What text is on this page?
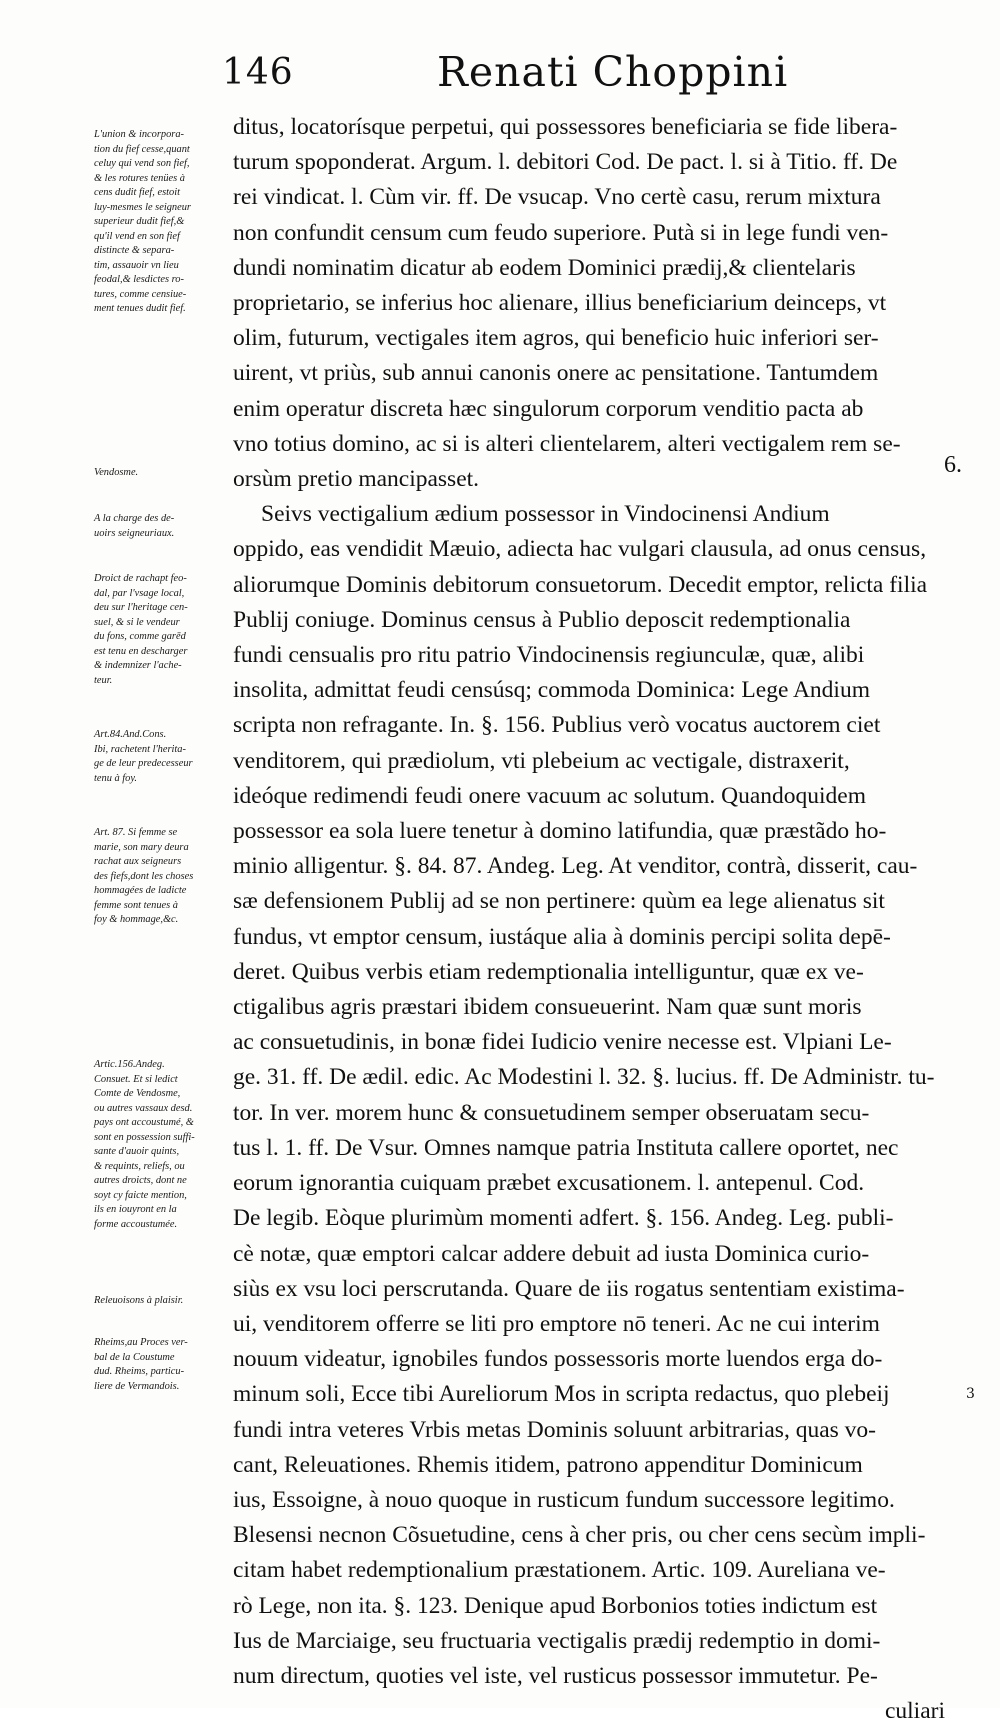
146	Renati Choppini
L'union & incorpora-
tion du fief cesse,quant
celuy qui vend son fief,
& les rotures tenües à
cens dudit fief, estoit
luy-mesmes le seigneur
superieur dudit fief,&
qu'il vend en son fief
distincte & separa-
tim, assauoir vn lieu
feodal,& lesdictes ro-
tures, comme censiue-
ment tenues dudit fief.
Vendosme.
A la charge des de-
uoirs seigneuriaux.
Droict de rachapt feo-
dal, par l'vsage local,
deu sur l'heritage cen-
suel, & si le vendeur
du fons, comme garēd
est tenu en descharger
& indemnizer l'ache-
teur.
Art.84.And.Cons.
Ibi, rachetent l'herita-
ge de leur predecesseur
tenu à foy.
Art. 87. Si femme se
marie, son mary deura
rachat aux seigneurs
des fiefs,dont les choses
hommagées de ladicte
femme sont tenues à
foy & hommage,&c.
Artic.156.Andeg.
Consuet. Et si ledict
Comte de Vendosme,
ou autres vassaux desd.
pays ont accoustumé, &
sont en possession suffi-
sante d'auoir quints,
& requints, reliefs, ou
autres droicts, dont ne
soyt cy faicte mention,
ils en iouyront en la
forme accoustumée.
Releuoisons à plaisir.
Rheims,au Proces ver-
bal de la Coustume
dud. Rheims, particu-
liere de Vermandois.
ditus, locatorísque perpetui, qui possessores beneficiaria se fide libera-
turum spoponderat. Argum. l. debitori Cod. De pact. l. si à Titio. ff. De
rei vindicat. l. Cùm vir. ff. De vsucap. Vno certè casu, rerum mixtura
non confundit censum cum feudo superiore. Putà si in lege fundi ven-
dundi nominatim dicatur ab eodem Dominici prædij,& clientelaris
proprietario, se inferius hoc alienare, illius beneficiarium deinceps, vt
olim, futurum, vectigales item agros, qui beneficio huic inferiori ser-
uirent, vt priùs, sub annui canonis onere ac pensitatione. Tantumdem
enim operatur discreta hæc singulorum corporum venditio pacta ab
vno totius domino, ac si is alteri clientelarem, alteri vectigalem rem se-
orsùm pretio mancipasset.
Seivs vectigalium ædium possessor in Vindocinensi Andium
oppido, eas vendidit Mæuio, adiecta hac vulgari clausula, ad onus census,
aliorumque Dominis debitorum consuetorum. Decedit emptor, relicta filia
Publij coniuge. Dominus census à Publio deposcit redemptionalia
fundi censualis pro ritu patrio Vindocinensis regiunculæ, quæ, alibi
insolita, admittat feudi censúsq; commoda Dominica: Lege Andium
scripta non refragante. In. §. 156. Publius verò vocatus auctorem ciet
venditorem, qui prædiolum, vti plebeium ac vectigale, distraxerit,
ideóque redimendi feudi onere vacuum ac solutum. Quandoquidem
possessor ea sola luere tenetur à domino latifundia, quæ præstãdo ho-
minio alligentur. §. 84. 87. Andeg. Leg. At venditor, contrà, disserit, cau-
sæ defensionem Publij ad se non pertinere: quùm ea lege alienatus sit
fundus, vt emptor censum, iustáque alia à dominis percipi solita depē-
deret. Quibus verbis etiam redemptionalia intelliguntur, quæ ex ve-
ctigalibus agris præstari ibidem consueuerint. Nam quæ sunt moris
ac consuetudinis, in bonæ fidei Iudicio venire necesse est. Vlpiani Le-
ge. 31. ff. De ædil. edic. Ac Modestini l. 32. §. lucius. ff. De Administr. tu-
tor. In ver. morem hunc & consuetudinem semper obseruatam secu-
tus l. 1. ff. De Vsur. Omnes namque patria Instituta callere oportet, nec
eorum ignorantia cuiquam præbet excusationem. l. antepenul. Cod.
De legib. Eòque plurimùm momenti adfert. §. 156. Andeg. Leg. publi-
cè notæ, quæ emptori calcar addere debuit ad iusta Dominica curio-
siùs ex vsu loci perscrutanda. Quare de iis rogatus sententiam existima-
ui, venditorem offerre se liti pro emptore nō teneri. Ac ne cui interim
nouum videatur, ignobiles fundos possessoris morte luendos erga do-
minum soli, Ecce tibi Aureliorum Mos in scripta redactus, quo plebeij
fundi intra veteres Vrbis metas Dominis soluunt arbitrarias, quas vo-
cant, Releuationes. Rhemis itidem, patrono appenditur Dominicum
ius, Essoigne, à nouo quoque in rusticum fundum successore legitimo.
Blesensi necnon Cõsuetudine, cens à cher pris, ou cher cens secùm impli-
citam habet redemptionalium præstationem. Artic. 109. Aureliana ve-
rò Lege, non ita. §. 123. Denique apud Borbonios toties indictum est
Ius de Marciaige, seu fructuaria vectigalis prædij redemptio in domi-
num directum, quoties vel iste, vel rusticus possessor immutetur. Pe-
culiari
6.
3
